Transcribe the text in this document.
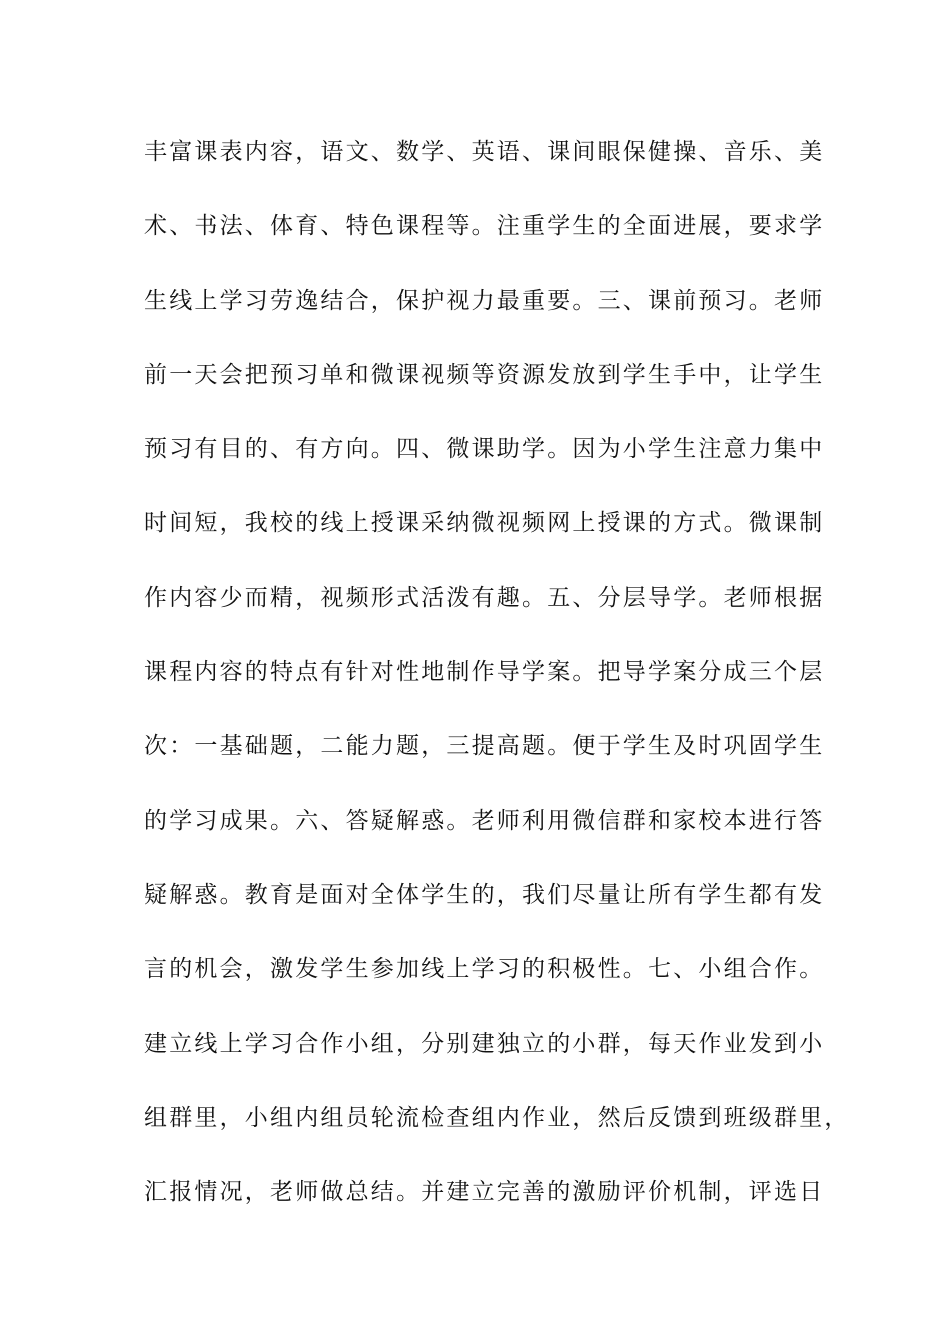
丰富课表内容，语文、数学、英语、课间眼保健操、音乐、美
术、书法、体育、特色课程等。注重学生的全面进展，要求学
生线上学习劳逸结合，保护视力最重要。三、课前预习。老师
前一天会把预习单和微课视频等资源发放到学生手中，让学生
预习有目的、有方向。四、微课助学。因为小学生注意力集中
时间短，我校的线上授课采纳微视频网上授课的方式。微课制
作内容少而精，视频形式活泼有趣。五、分层导学。老师根据
课程内容的特点有针对性地制作导学案。把导学案分成三个层
次：一基础题，二能力题，三提高题。便于学生及时巩固学生
的学习成果。六、答疑解惑。老师利用微信群和家校本进行答
疑解惑。教育是面对全体学生的，我们尽量让所有学生都有发
言的机会，激发学生参加线上学习的积极性。七、小组合作。
建立线上学习合作小组，分别建独立的小群，每天作业发到小
组群里，小组内组员轮流检查组内作业，然后反馈到班级群里，
汇报情况，老师做总结。并建立完善的激励评价机制，评选日
